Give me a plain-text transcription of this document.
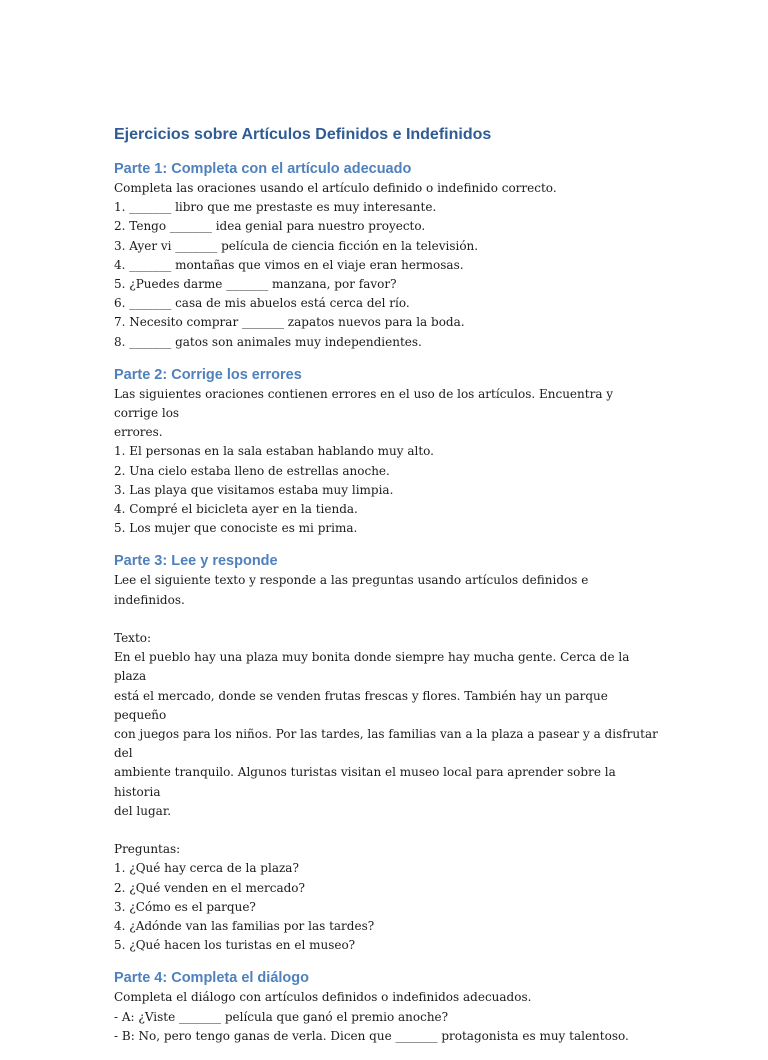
Ejercicios sobre Artículos Definidos e Indefinidos
Parte 1: Completa con el artículo adecuado

Completa las oraciones usando el artículo definido o indefinido correcto.

1. _______ libro que me prestaste es muy interesante.

2. Tengo _______ idea genial para nuestro proyecto.

3. Ayer vi _______ película de ciencia ficción en la televisión.

4. _______ montañas que vimos en el viaje eran hermosas.

5. ¿Puedes darme _______ manzana, por favor?

6. _______ casa de mis abuelos está cerca del río.

7. Necesito comprar _______ zapatos nuevos para la boda.

8. _______ gatos son animales muy independientes.

Parte 2: Corrige los errores

Las siguientes oraciones contienen errores en el uso de los artículos. Encuentra y corrige los

errores.

1. El personas en la sala estaban hablando muy alto.

2. Una cielo estaba lleno de estrellas anoche.

3. Las playa que visitamos estaba muy limpia.

4. Compré el bicicleta ayer en la tienda.

5. Los mujer que conociste es mi prima.

Parte 3: Lee y responde

Lee el siguiente texto y responde a las preguntas usando artículos definidos e indefinidos.

Texto:

En el pueblo hay una plaza muy bonita donde siempre hay mucha gente. Cerca de la plaza

está el mercado, donde se venden frutas frescas y flores. También hay un parque pequeño

con juegos para los niños. Por las tardes, las familias van a la plaza a pasear y a disfrutar del

ambiente tranquilo. Algunos turistas visitan el museo local para aprender sobre la historia

del lugar.

Preguntas:

1. ¿Qué hay cerca de la plaza?

2. ¿Qué venden en el mercado?

3. ¿Cómo es el parque?

4. ¿Adónde van las familias por las tardes?

5. ¿Qué hacen los turistas en el museo?

Parte 4: Completa el diálogo

Completa el diálogo con artículos definidos o indefinidos adecuados.

- A: ¿Viste _______ película que ganó el premio anoche?

- B: No, pero tengo ganas de verla. Dicen que _______ protagonista es muy talentoso.
